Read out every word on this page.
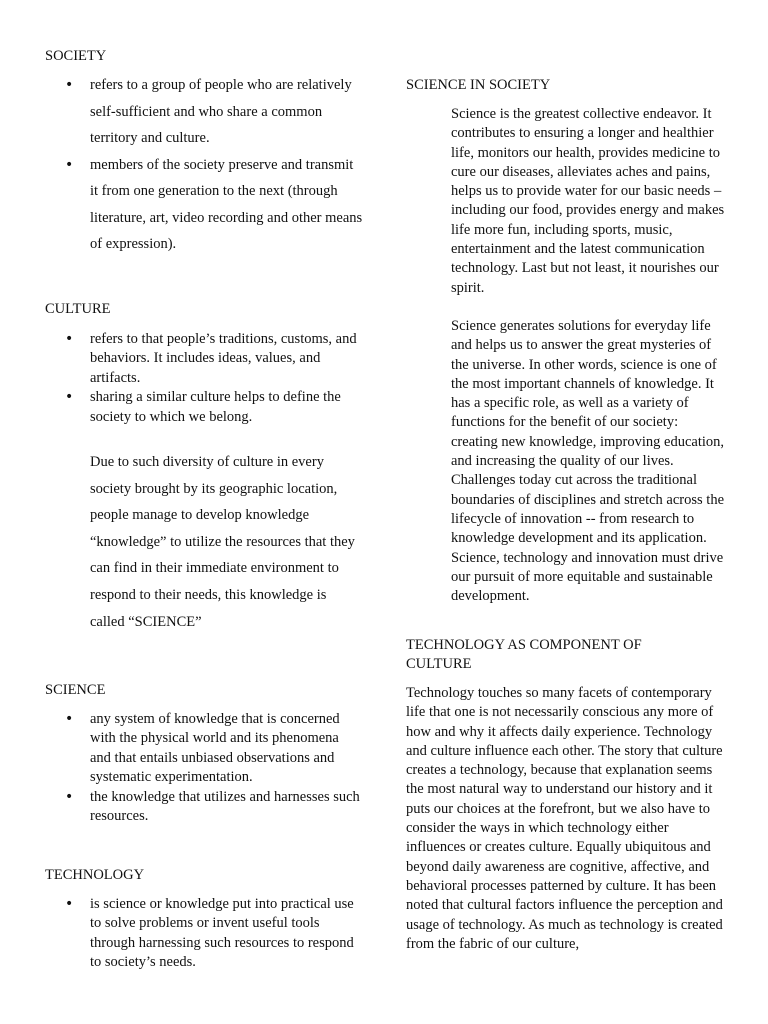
SOCIETY
• refers to a group of people who are relatively self-sufficient and who share a common territory and culture.
• members of the society preserve and transmit it from one generation to the next (through literature, art, video recording and other means of expression).
CULTURE
• refers to that people’s traditions, customs, and behaviors. It includes ideas, values, and artifacts.
• sharing a similar culture helps to define the society to which we belong.

Due to such diversity of culture in every society brought by its geographic location, people manage to develop knowledge “knowledge” to utilize the resources that they can find in their immediate environment to respond to their needs, this knowledge is called “SCIENCE”

SCIENCE
• any system of knowledge that is concerned with the physical world and its phenomena and that entails unbiased observations and systematic experimentation.
• the knowledge that utilizes and harnesses such resources.
TECHNOLOGY
• is science or knowledge put into practical use to solve problems or invent useful tools through harnessing such resources to respond to society’s needs.
SCIENCE IN SOCIETY

Science is the greatest collective endeavor. It contributes to ensuring a longer and healthier life, monitors our health, provides medicine to cure our diseases, alleviates aches and pains, helps us to provide water for our basic needs – including our food, provides energy and makes life more fun, including sports, music, entertainment and the latest communication technology. Last but not least, it nourishes our spirit.

Science generates solutions for everyday life and helps us to answer the great mysteries of the universe. In other words, science is one of the most important channels of knowledge. It has a specific role, as well as a variety of functions for the benefit of our society: creating new knowledge, improving education, and increasing the quality of our lives. Challenges today cut across the traditional boundaries of disciplines and stretch across the lifecycle of innovation -- from research to knowledge development and its application. Science, technology and innovation must drive our pursuit of more equitable and sustainable development.

TECHNOLOGY AS COMPONENT OF CULTURE

Technology touches so many facets of contemporary life that one is not necessarily conscious any more of how and why it affects daily experience. Technology and culture influence each other. The story that culture creates a technology, because that explanation seems the most natural way to understand our history and it puts our choices at the forefront, but we also have to consider the ways in which technology either influences or creates culture. Equally ubiquitous and beyond daily awareness are cognitive, affective, and behavioral processes patterned by culture. It has been noted that cultural factors influence the perception and usage of technology. As much as technology is created from the fabric of our culture,
